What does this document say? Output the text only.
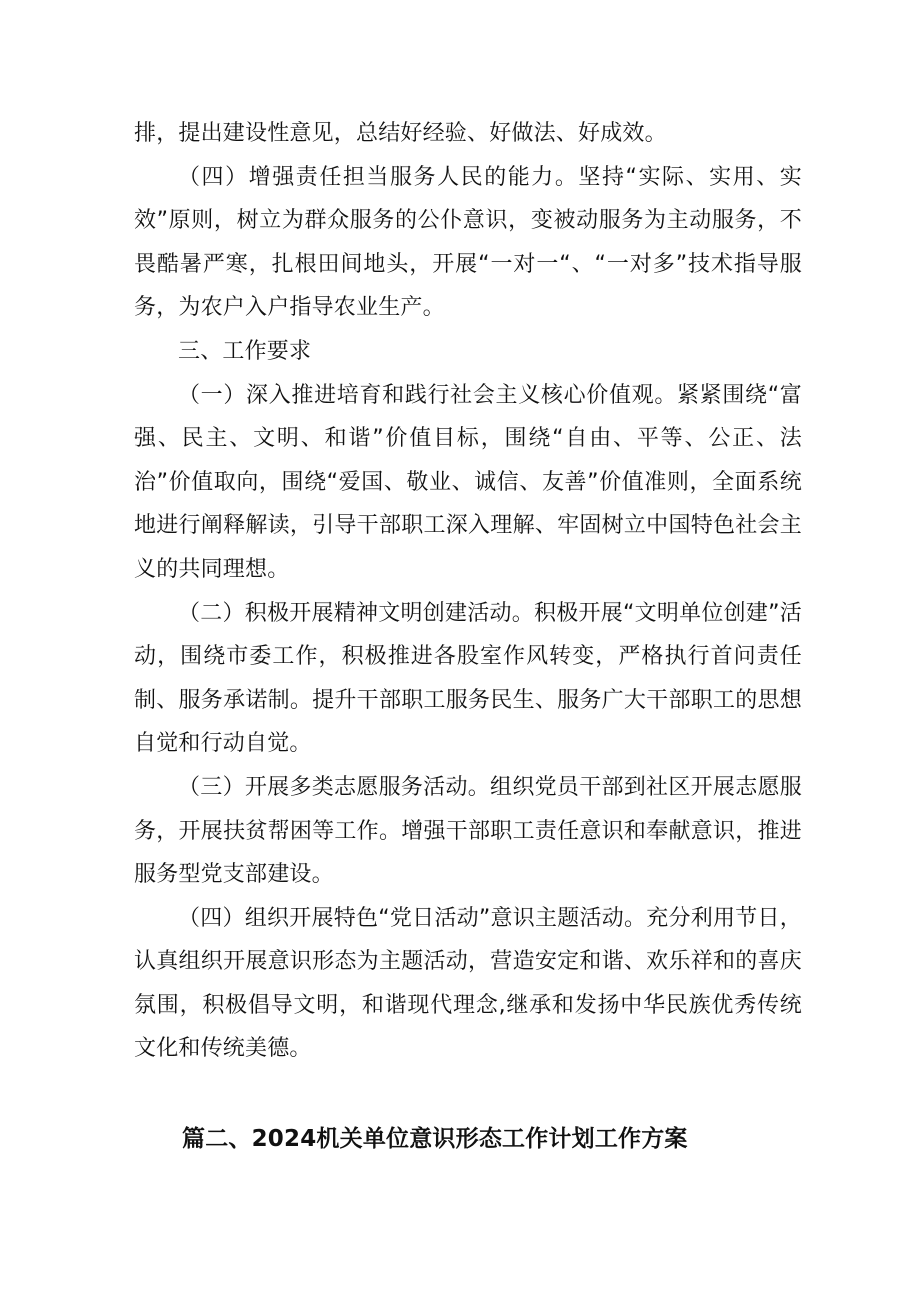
排，提出建设性意见，总结好经验、好做法、好成效。

（四）增强责任担当服务人民的能力。坚持“实际、实用、实效”原则，树立为群众服务的公仆意识，变被动服务为主动服务，不畏酷暑严寒，扎根田间地头，开展“一对一“、“一对多”技术指导服务，为农户入户指导农业生产。

三、工作要求

（一）深入推进培育和践行社会主义核心价值观。紧紧围绕“富强、民主、文明、和谐”价值目标，围绕“自由、平等、公正、法治”价值取向，围绕“爱国、敬业、诚信、友善”价值准则，全面系统地进行阐释解读，引导干部职工深入理解、牢固树立中国特色社会主义的共同理想。

（二）积极开展精神文明创建活动。积极开展“文明单位创建”活动，围绕市委工作，积极推进各股室作风转变，严格执行首问责任制、服务承诺制。提升干部职工服务民生、服务广大干部职工的思想自觉和行动自觉。

（三）开展多类志愿服务活动。组织党员干部到社区开展志愿服务，开展扶贫帮困等工作。增强干部职工责任意识和奉献意识，推进服务型党支部建设。

（四）组织开展特色“党日活动”意识主题活动。充分利用节日，认真组织开展意识形态为主题活动，营造安定和谐、欢乐祥和的喜庆氛围，积极倡导文明，和谐现代理念,继承和发扬中华民族优秀传统文化和传统美德。

篇二、2024机关单位意识形态工作计划工作方案
